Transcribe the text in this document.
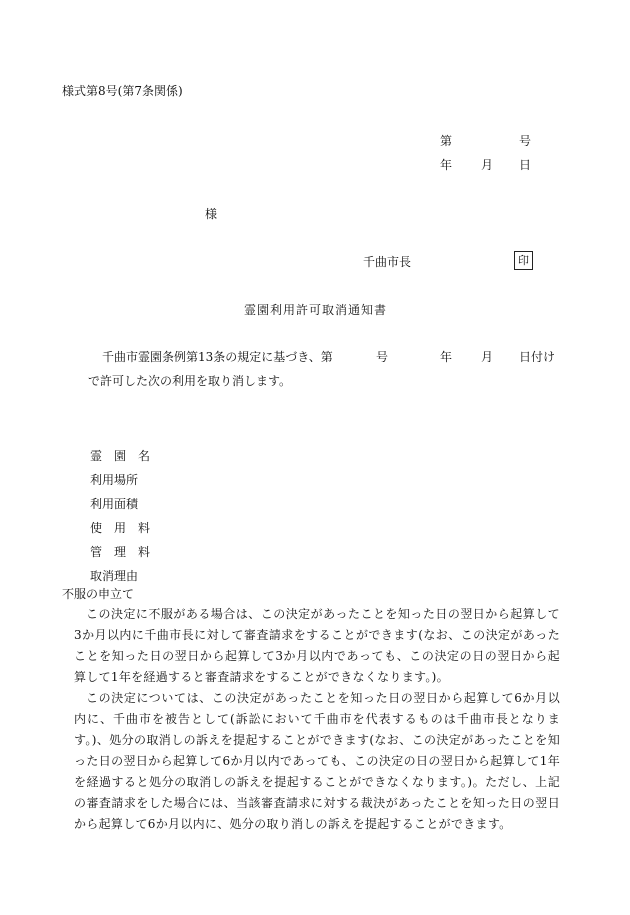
様式第8号(第7条関係)
第	号
年 月 日
様
千曲市長	印
霊園利用許可取消通知書
千曲市霊園条例第13条の規定に基づき、第	号	年 月 日付け
で許可した次の利用を取り消します。
霊　園　名
利用場所
利用面積
使　用　料
管　理　料
取消理由
不服の申立て

この決定に不服がある場合は、この決定があったことを知った日の翌日から起算して3か月以内に千曲市長に対して審査請求をすることができます(なお、この決定があったことを知った日の翌日から起算して3か月以内であっても、この決定の日の翌日から起算して1年を経過すると審査請求をすることができなくなります。)。

この決定については、この決定があったことを知った日の翌日から起算して6か月以内に、千曲市を被告として(訴訟において千曲市を代表するものは千曲市長となります。)、処分の取消しの訴えを提起することができます(なお、この決定があったことを知った日の翌日から起算して6か月以内であっても、この決定の日の翌日から起算して1年を経過すると処分の取消しの訴えを提起することができなくなります。)。ただし、上記の審査請求をした場合には、当該審査請求に対する裁決があったことを知った日の翌日から起算して6か月以内に、処分の取り消しの訴えを提起することができます。
